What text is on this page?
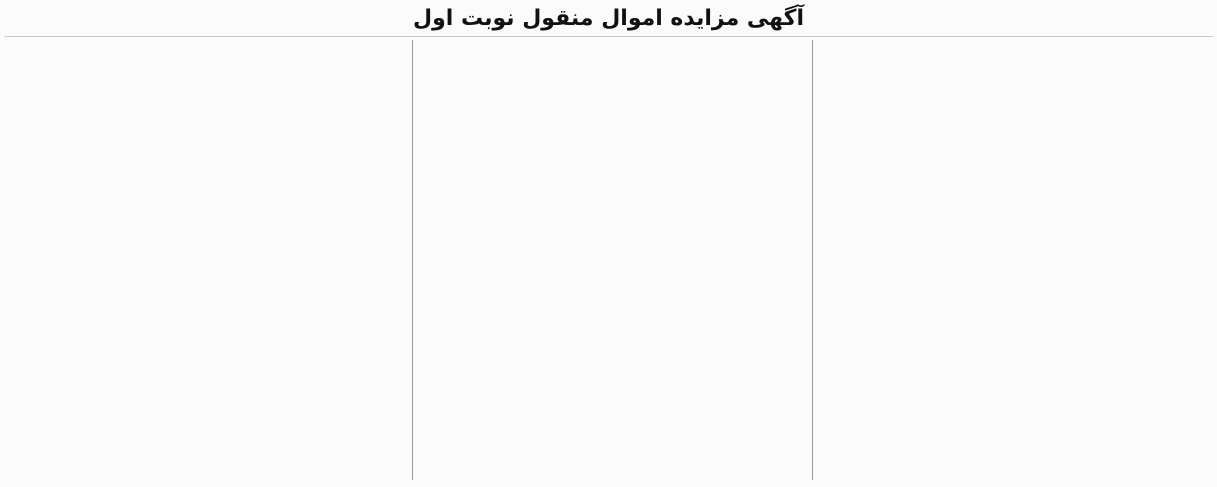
آگهی مزایده اموال منقول نوبت اول
